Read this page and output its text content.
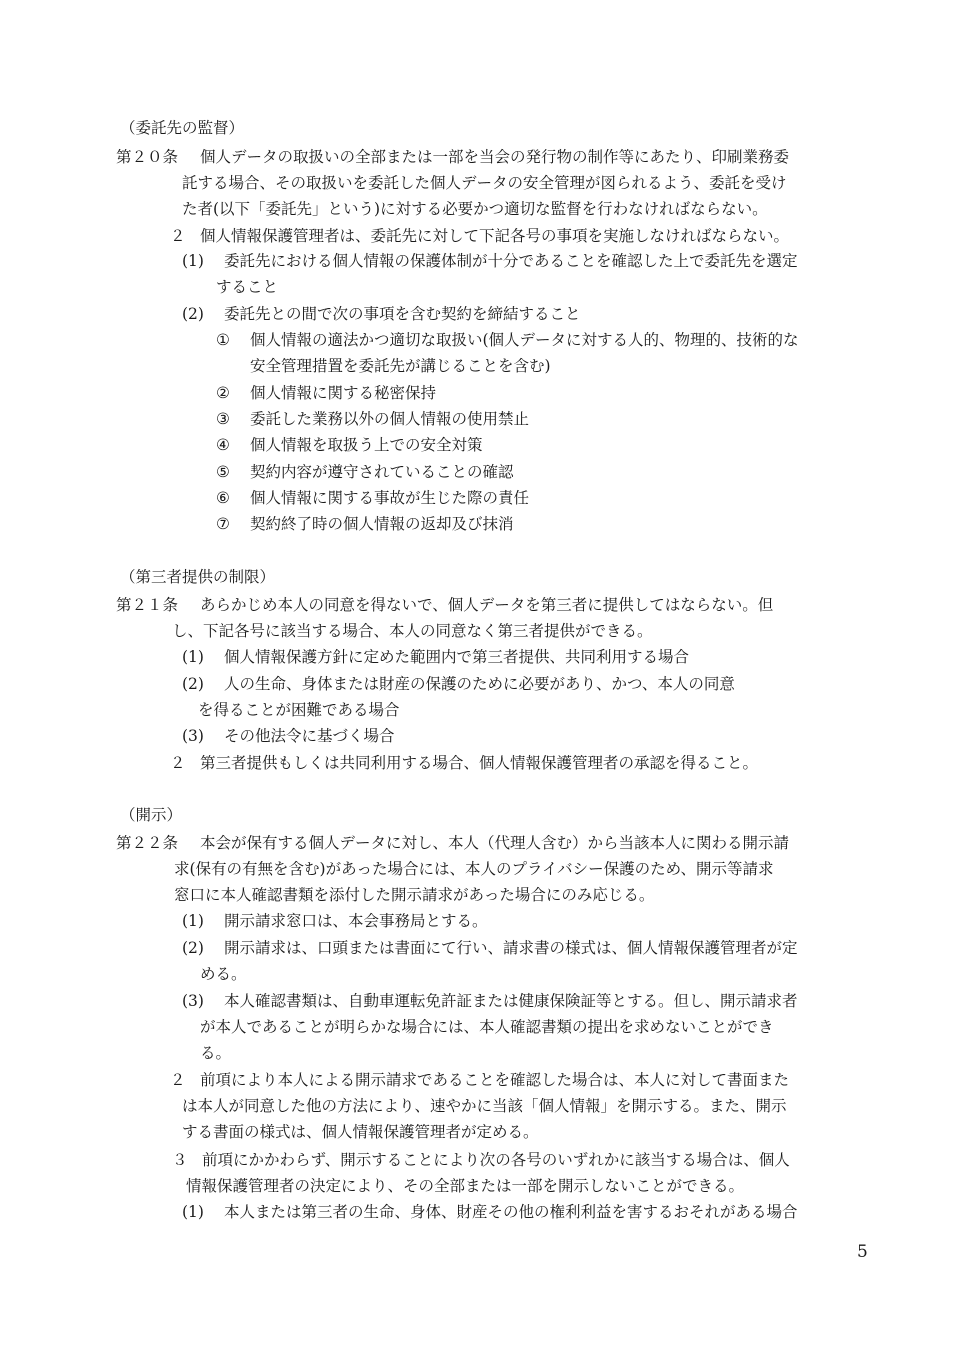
（委託先の監督）
第２０条 個人データの取扱いの全部または一部を当会の発行物の制作等にあたり、印刷業務委
託する場合、その取扱いを委託した個人データの安全管理が図られるよう、委託を受け
た者(以下「委託先」という)に対する必要かつ適切な監督を行わなければならない。
２ 個人情報保護管理者は、委託先に対して下記各号の事項を実施しなければならない。
(1) 委託先における個人情報の保護体制が十分であることを確認した上で委託先を選定
すること
(2) 委託先との間で次の事項を含む契約を締結すること
① 個人情報の適法かつ適切な取扱い(個人データに対する人的、物理的、技術的な
安全管理措置を委託先が講じることを含む)
② 個人情報に関する秘密保持
③ 委託した業務以外の個人情報の使用禁止
④ 個人情報を取扱う上での安全対策
⑤ 契約内容が遵守されていることの確認
⑥ 個人情報に関する事故が生じた際の責任
⑦ 契約終了時の個人情報の返却及び抹消
（第三者提供の制限）
第２１条 あらかじめ本人の同意を得ないで、個人データを第三者に提供してはならない。但
し、下記各号に該当する場合、本人の同意なく第三者提供ができる。
(1) 個人情報保護方針に定めた範囲内で第三者提供、共同利用する場合
(2) 人の生命、身体または財産の保護のために必要があり、かつ、本人の同意
を得ることが困難である場合
(3) その他法令に基づく場合
２ 第三者提供もしくは共同利用する場合、個人情報保護管理者の承認を得ること。
（開示）
第２２条 本会が保有する個人データに対し、本人（代理人含む）から当該本人に関わる開示請
求(保有の有無を含む)があった場合には、本人のプライバシー保護のため、開示等請求
窓口に本人確認書類を添付した開示請求があった場合にのみ応じる。
(1) 開示請求窓口は、本会事務局とする。
(2) 開示請求は、口頭または書面にて行い、請求書の様式は、個人情報保護管理者が定
める。
(3) 本人確認書類は、自動車運転免許証または健康保険証等とする。但し、開示請求者
が本人であることが明らかな場合には、本人確認書類の提出を求めないことができ
る。
２ 前項により本人による開示請求であることを確認した場合は、本人に対して書面また
は本人が同意した他の方法により、速やかに当該「個人情報」を開示する。また、開示
する書面の様式は、個人情報保護管理者が定める。
３ 前項にかかわらず、開示することにより次の各号のいずれかに該当する場合は、個人
情報保護管理者の決定により、その全部または一部を開示しないことができる。
(1) 本人または第三者の生命、身体、財産その他の権利利益を害するおそれがある場合
5
